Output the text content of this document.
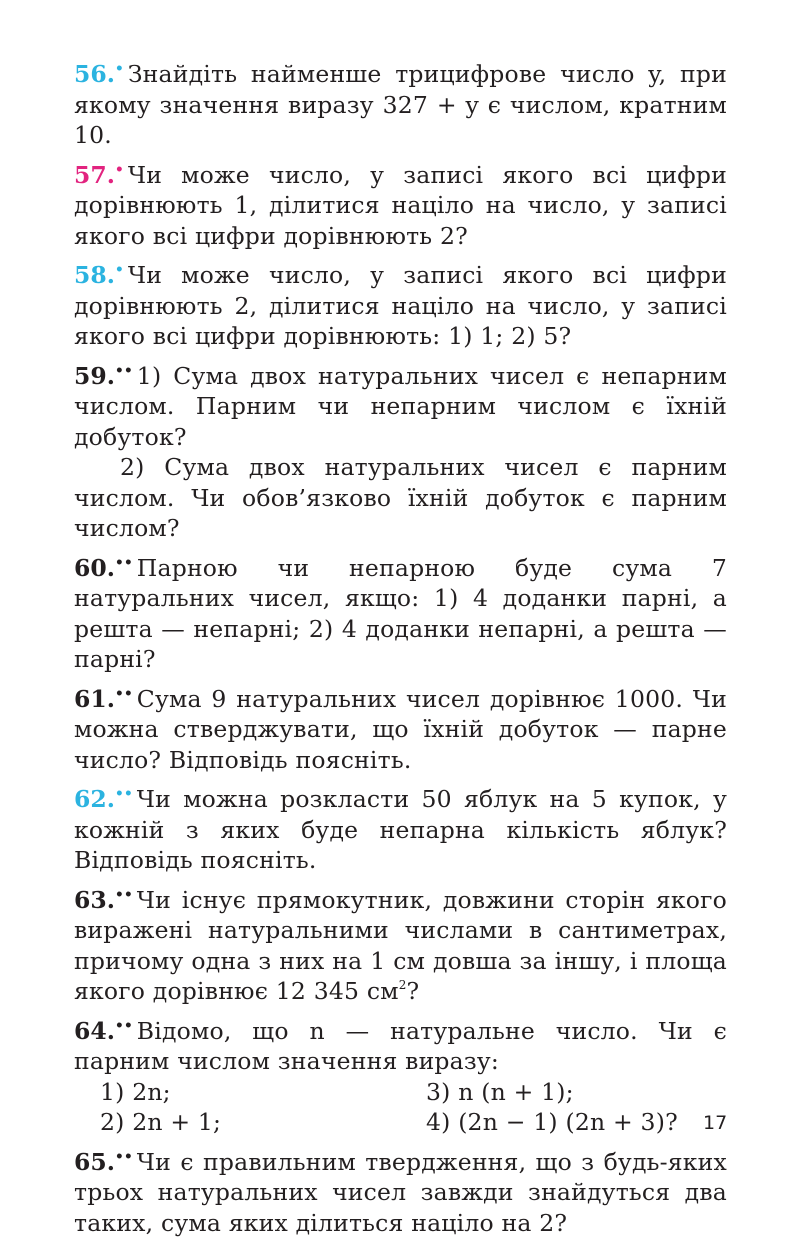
56.• Знайдіть найменше трицифрове число y, при якому значення виразу 327 + y є числом, кратним 10.
57.• Чи може число, у записі якого всі цифри дорівнюють 1, ділитися націло на число, у записі якого всі цифри дорівнюють 2?
58.• Чи може число, у записі якого всі цифри дорівнюють 2, ділитися націло на число, у записі якого всі цифри дорівнюють: 1) 1; 2) 5?
59.•• 1) Сума двох натуральних чисел є непарним числом. Парним чи непарним числом є їхній добуток?
2) Сума двох натуральних чисел є парним числом. Чи обов’язково їхній добуток є парним числом?
60.•• Парною чи непарною буде сума 7 натуральних чисел, якщо: 1) 4 доданки парні, а решта — непарні; 2) 4 доданки непарні, а решта — парні?
61.•• Сума 9 натуральних чисел дорівнює 1000. Чи можна стверджувати, що їхній добуток — парне число? Відповідь поясніть.
62.•• Чи можна розкласти 50 яблук на 5 купок, у кожній з яких буде непарна кількість яблук? Відповідь поясніть.
63.•• Чи існує прямокутник, довжини сторін якого виражені натуральними числами в сантиметрах, причому одна з них на 1 см довша за іншу, і площа якого дорівнює 12 345 $см^2$?
64.•• Відомо, що n — натуральне число. Чи є парним числом значення виразу:
1) 2n;	3) n (n + 1);
2) 2n + 1;	4) (2n − 1) (2n + 3)?
65.•• Чи є правильним твердження, що з будь-яких трьох натуральних чисел завжди знайдуться два таких, сума яких ділиться націло на 2?
17
